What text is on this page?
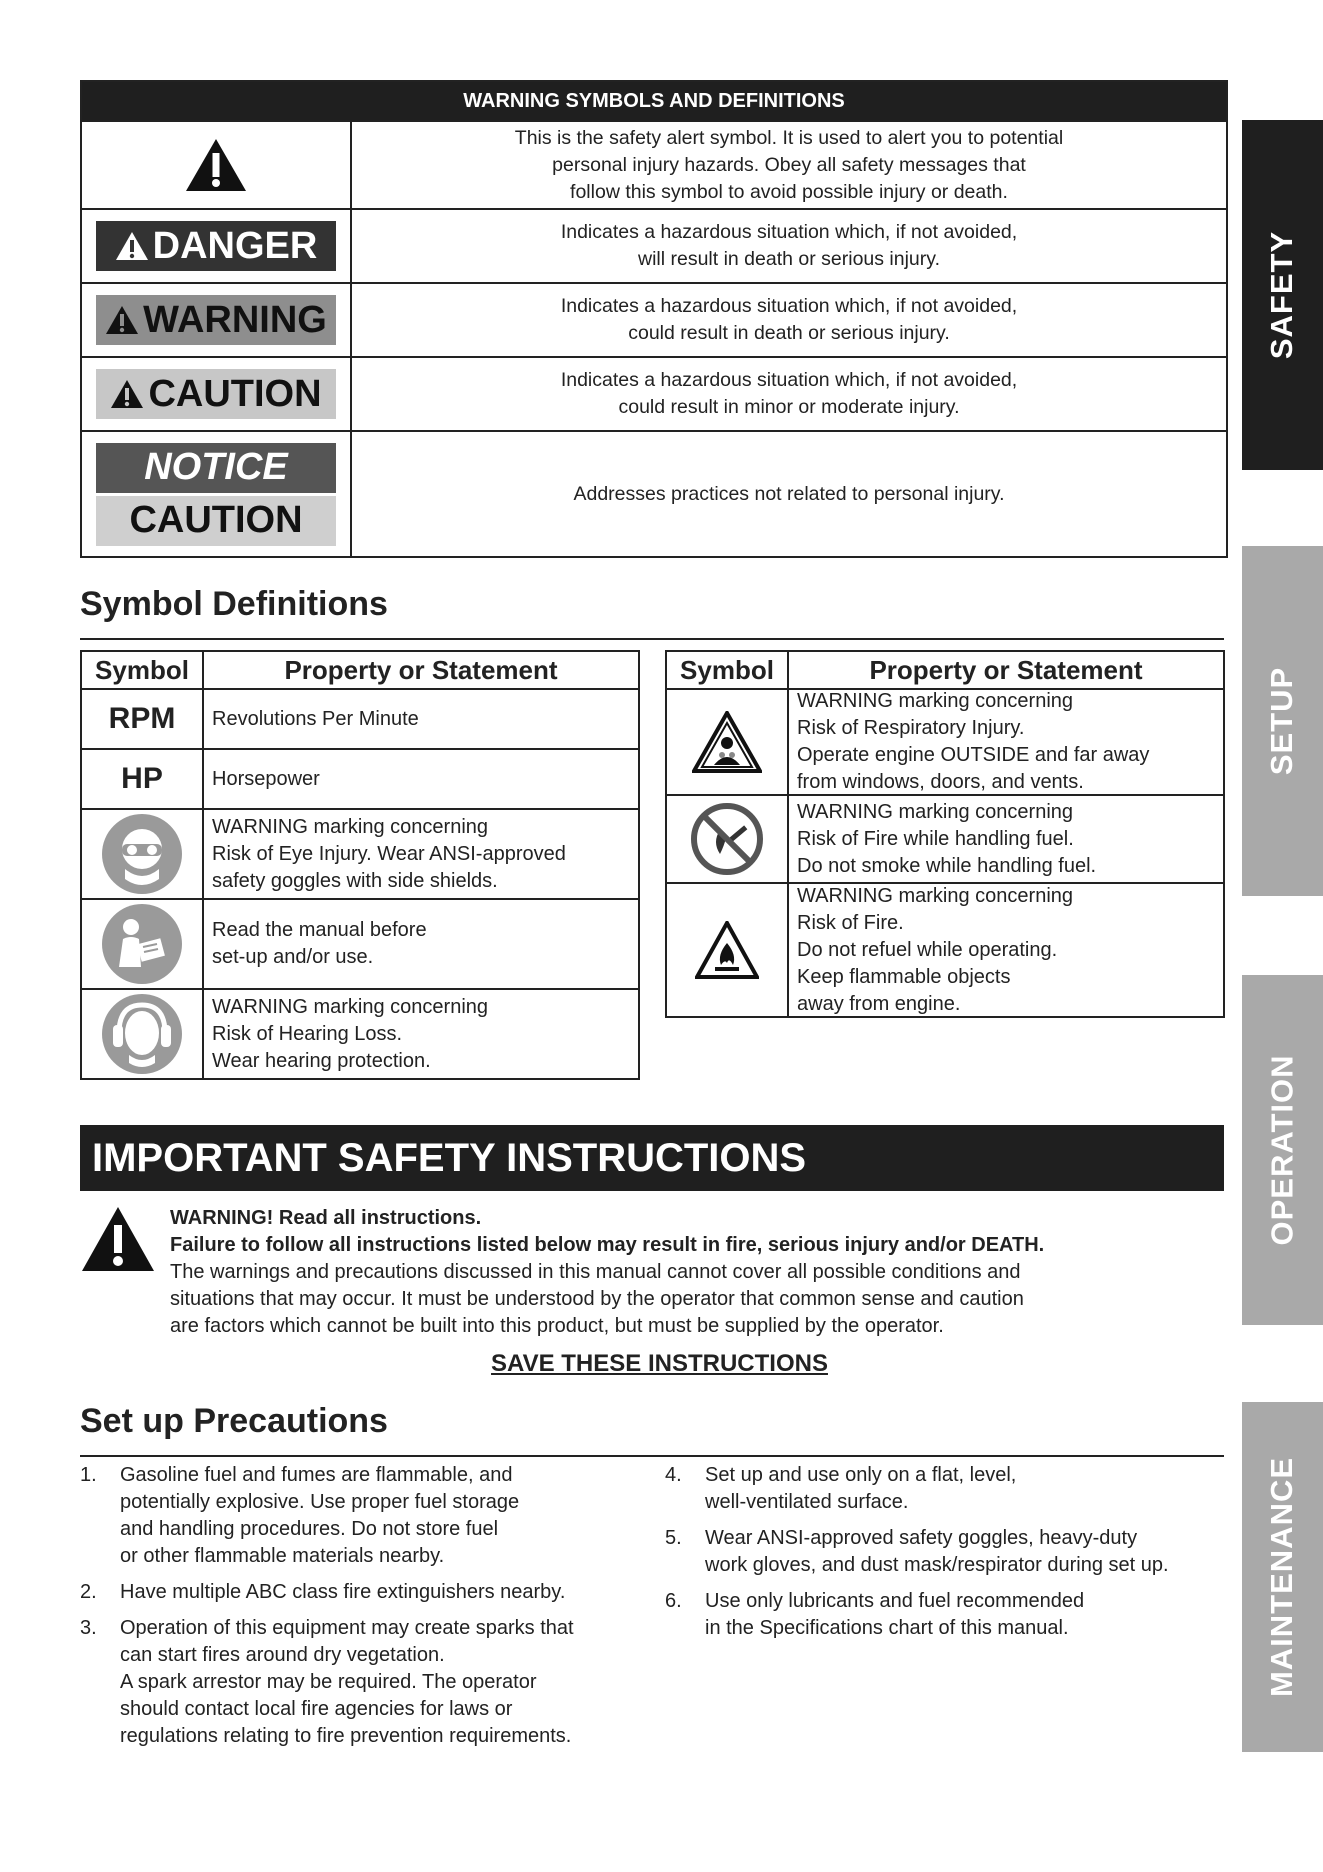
SAFETY
SETUP
OPERATION
MAINTENANCE
WARNING SYMBOLS AND DEFINITIONS
This is the safety alert symbol. It is used to alert you to potential
personal injury hazards. Obey all safety messages that
follow this symbol to avoid possible injury or death.
DANGER	Indicates a hazardous situation which, if not avoided,
will result in death or serious injury.
WARNING	Indicates a hazardous situation which, if not avoided,
could result in death or serious injury.
CAUTION	Indicates a hazardous situation which, if not avoided,
could result in minor or moderate injury.
NOTICE
CAUTION
Addresses practices not related to personal injury.
Symbol Definitions
Symbol	Property or Statement
RPM	Revolutions Per Minute
HP	Horsepower
WARNING marking concerning
Risk of Eye Injury. Wear ANSI-approved
safety goggles with side shields.
Read the manual before
set-up and/or use.
WARNING marking concerning
Risk of Hearing Loss.
Wear hearing protection.
Symbol	Property or Statement
WARNING marking concerning
Risk of Respiratory Injury.
Operate engine OUTSIDE and far away
from windows, doors, and vents.
WARNING marking concerning
Risk of Fire while handling fuel.
Do not smoke while handling fuel.
WARNING marking concerning
Risk of Fire.
Do not refuel while operating.
Keep flammable objects
away from engine.
IMPORTANT SAFETY INSTRUCTIONS
WARNING! Read all instructions.
Failure to follow all instructions listed below may result in fire, serious injury and/or DEATH.
The warnings and precautions discussed in this manual cannot cover all possible conditions and
situations that may occur. It must be understood by the operator that common sense and caution
are factors which cannot be built into this product, but must be supplied by the operator.
SAVE THESE INSTRUCTIONS
Set up Precautions
1.	Gasoline fuel and fumes are flammable, and
potentially explosive. Use proper fuel storage
and handling procedures. Do not store fuel
or other flammable materials nearby.
2.	Have multiple ABC class fire extinguishers nearby.
3.	Operation of this equipment may create sparks that
can start fires around dry vegetation.
A spark arrestor may be required. The operator
should contact local fire agencies for laws or
regulations relating to fire prevention requirements.
4.	Set up and use only on a flat, level,
well-ventilated surface.
5.	Wear ANSI-approved safety goggles, heavy-duty
work gloves, and dust mask/respirator during set up.
6.	Use only lubricants and fuel recommended
in the Specifications chart of this manual.
